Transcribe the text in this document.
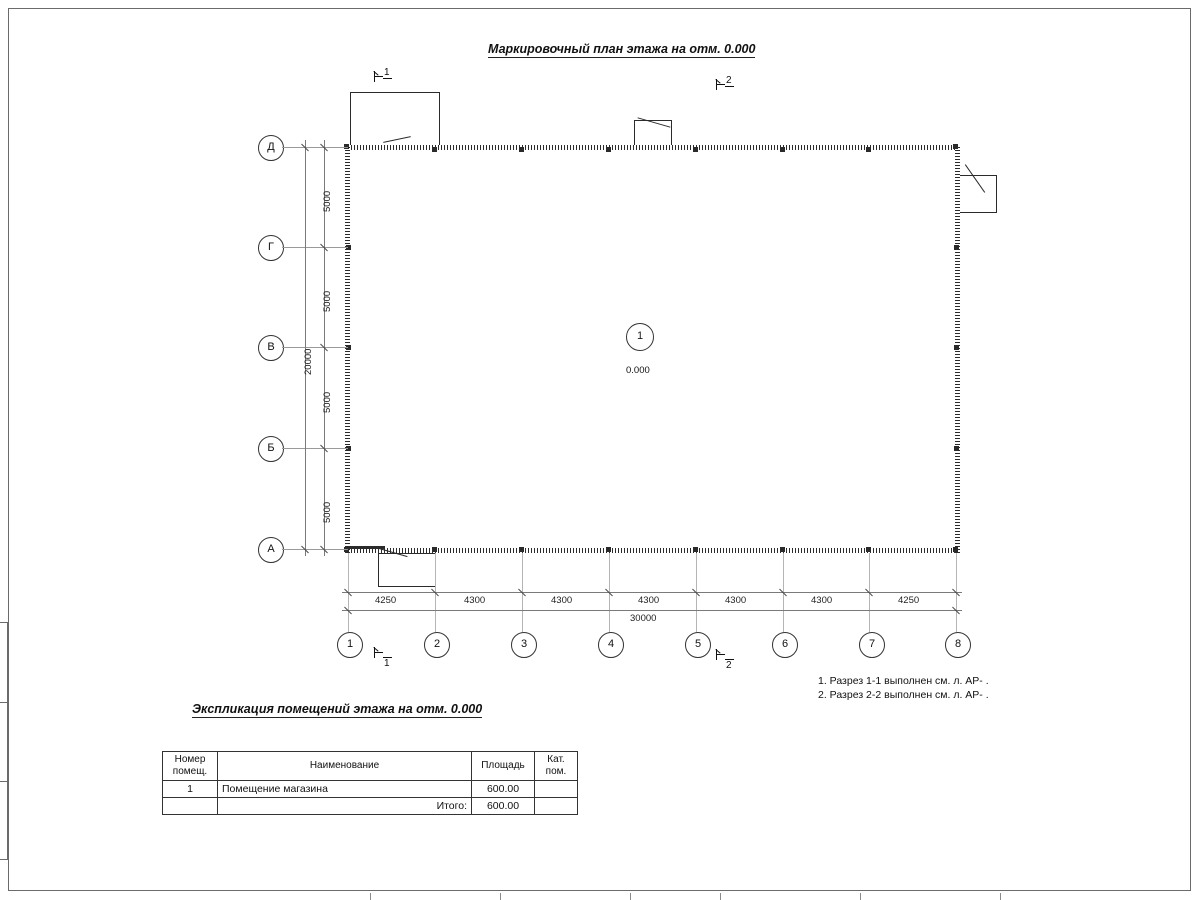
Маркировочный план этажа на отм. 0.000
1
2
1
0.000
Д
Г
В
Б
А
5000
5000
5000
5000
20000
1	2	3	4	5	6	7	8
4250	4300	4300	4300	4300	4300	4250
30000
1	2
1. Разрез 1-1 выполнен см. л. АР- .
2. Разрез 2-2 выполнен см. л. АР- .
Экспликация помещений этажа на отм. 0.000
Номер
помещ.	Наименование	Площадь	Кат.
пом.
1	Помещение магазина	600.00	
	Итого:	600.00	
